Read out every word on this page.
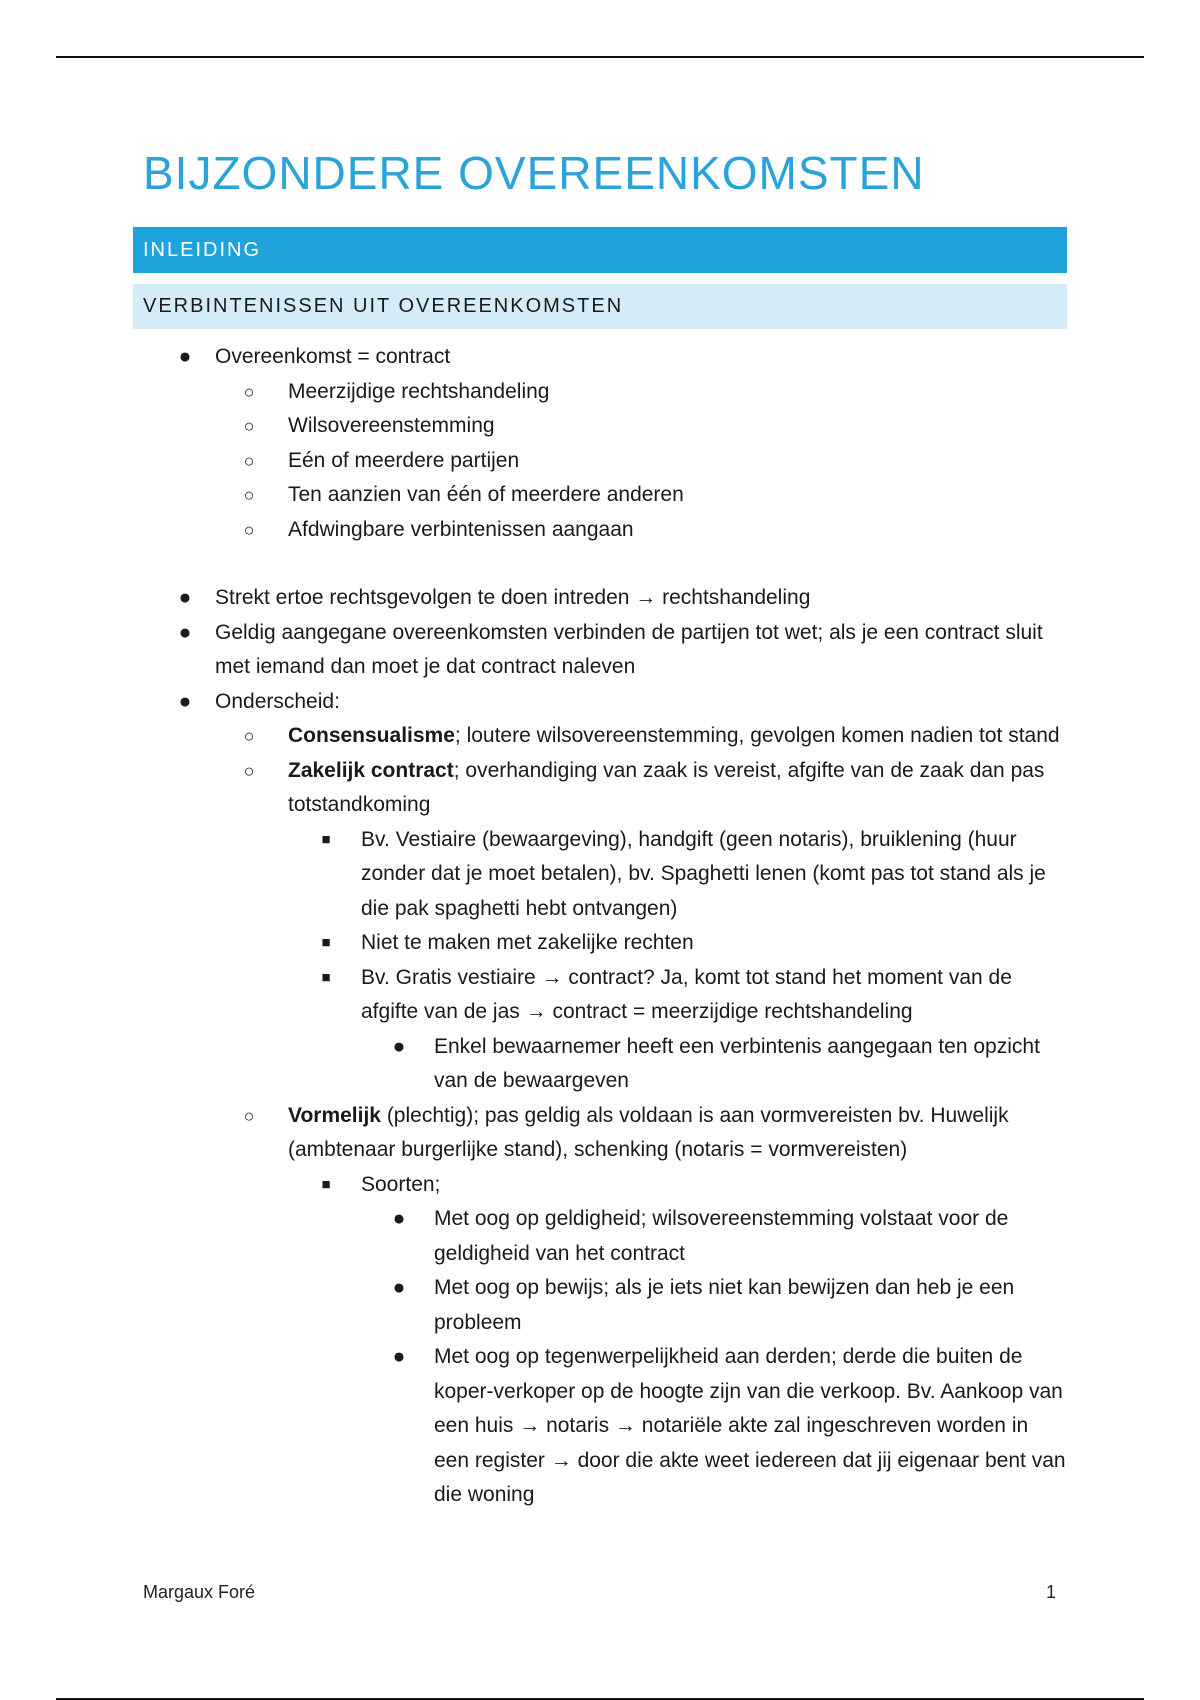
BIJZONDERE OVEREENKOMSTEN
INLEIDING
VERBINTENISSEN UIT OVEREENKOMSTEN
● Overeenkomst = contract
○ Meerzijdige rechtshandeling
○ Wilsovereenstemming
○ Eén of meerdere partijen
○ Ten aanzien van één of meerdere anderen
○ Afdwingbare verbintenissen aangaan
● Strekt ertoe rechtsgevolgen te doen intreden → rechtshandeling
● Geldig aangegane overeenkomsten verbinden de partijen tot wet; als je een contract sluit met iemand dan moet je dat contract naleven
● Onderscheid:
○ Consensualisme; loutere wilsovereenstemming, gevolgen komen nadien tot stand
○ Zakelijk contract; overhandiging van zaak is vereist, afgifte van de zaak dan pas totstandkoming
■ Bv. Vestiaire (bewaargeving), handgift (geen notaris), bruiklening (huur zonder dat je moet betalen), bv. Spaghetti lenen (komt pas tot stand als je die pak spaghetti hebt ontvangen)
■ Niet te maken met zakelijke rechten
■ Bv. Gratis vestiaire → contract? Ja, komt tot stand het moment van de afgifte van de jas → contract = meerzijdige rechtshandeling
● Enkel bewaarnemer heeft een verbintenis aangegaan ten opzicht van de bewaargeven
○ Vormelijk (plechtig); pas geldig als voldaan is aan vormvereisten bv. Huwelijk (ambtenaar burgerlijke stand), schenking (notaris = vormvereisten)
■ Soorten;
● Met oog op geldigheid; wilsovereenstemming volstaat voor de geldigheid van het contract
● Met oog op bewijs; als je iets niet kan bewijzen dan heb je een probleem
● Met oog op tegenwerpelijkheid aan derden; derde die buiten de koper-verkoper op de hoogte zijn van die verkoop. Bv. Aankoop van een huis → notaris → notariële akte zal ingeschreven worden in een register → door die akte weet iedereen dat jij eigenaar bent van die woning
Margaux Foré	1
